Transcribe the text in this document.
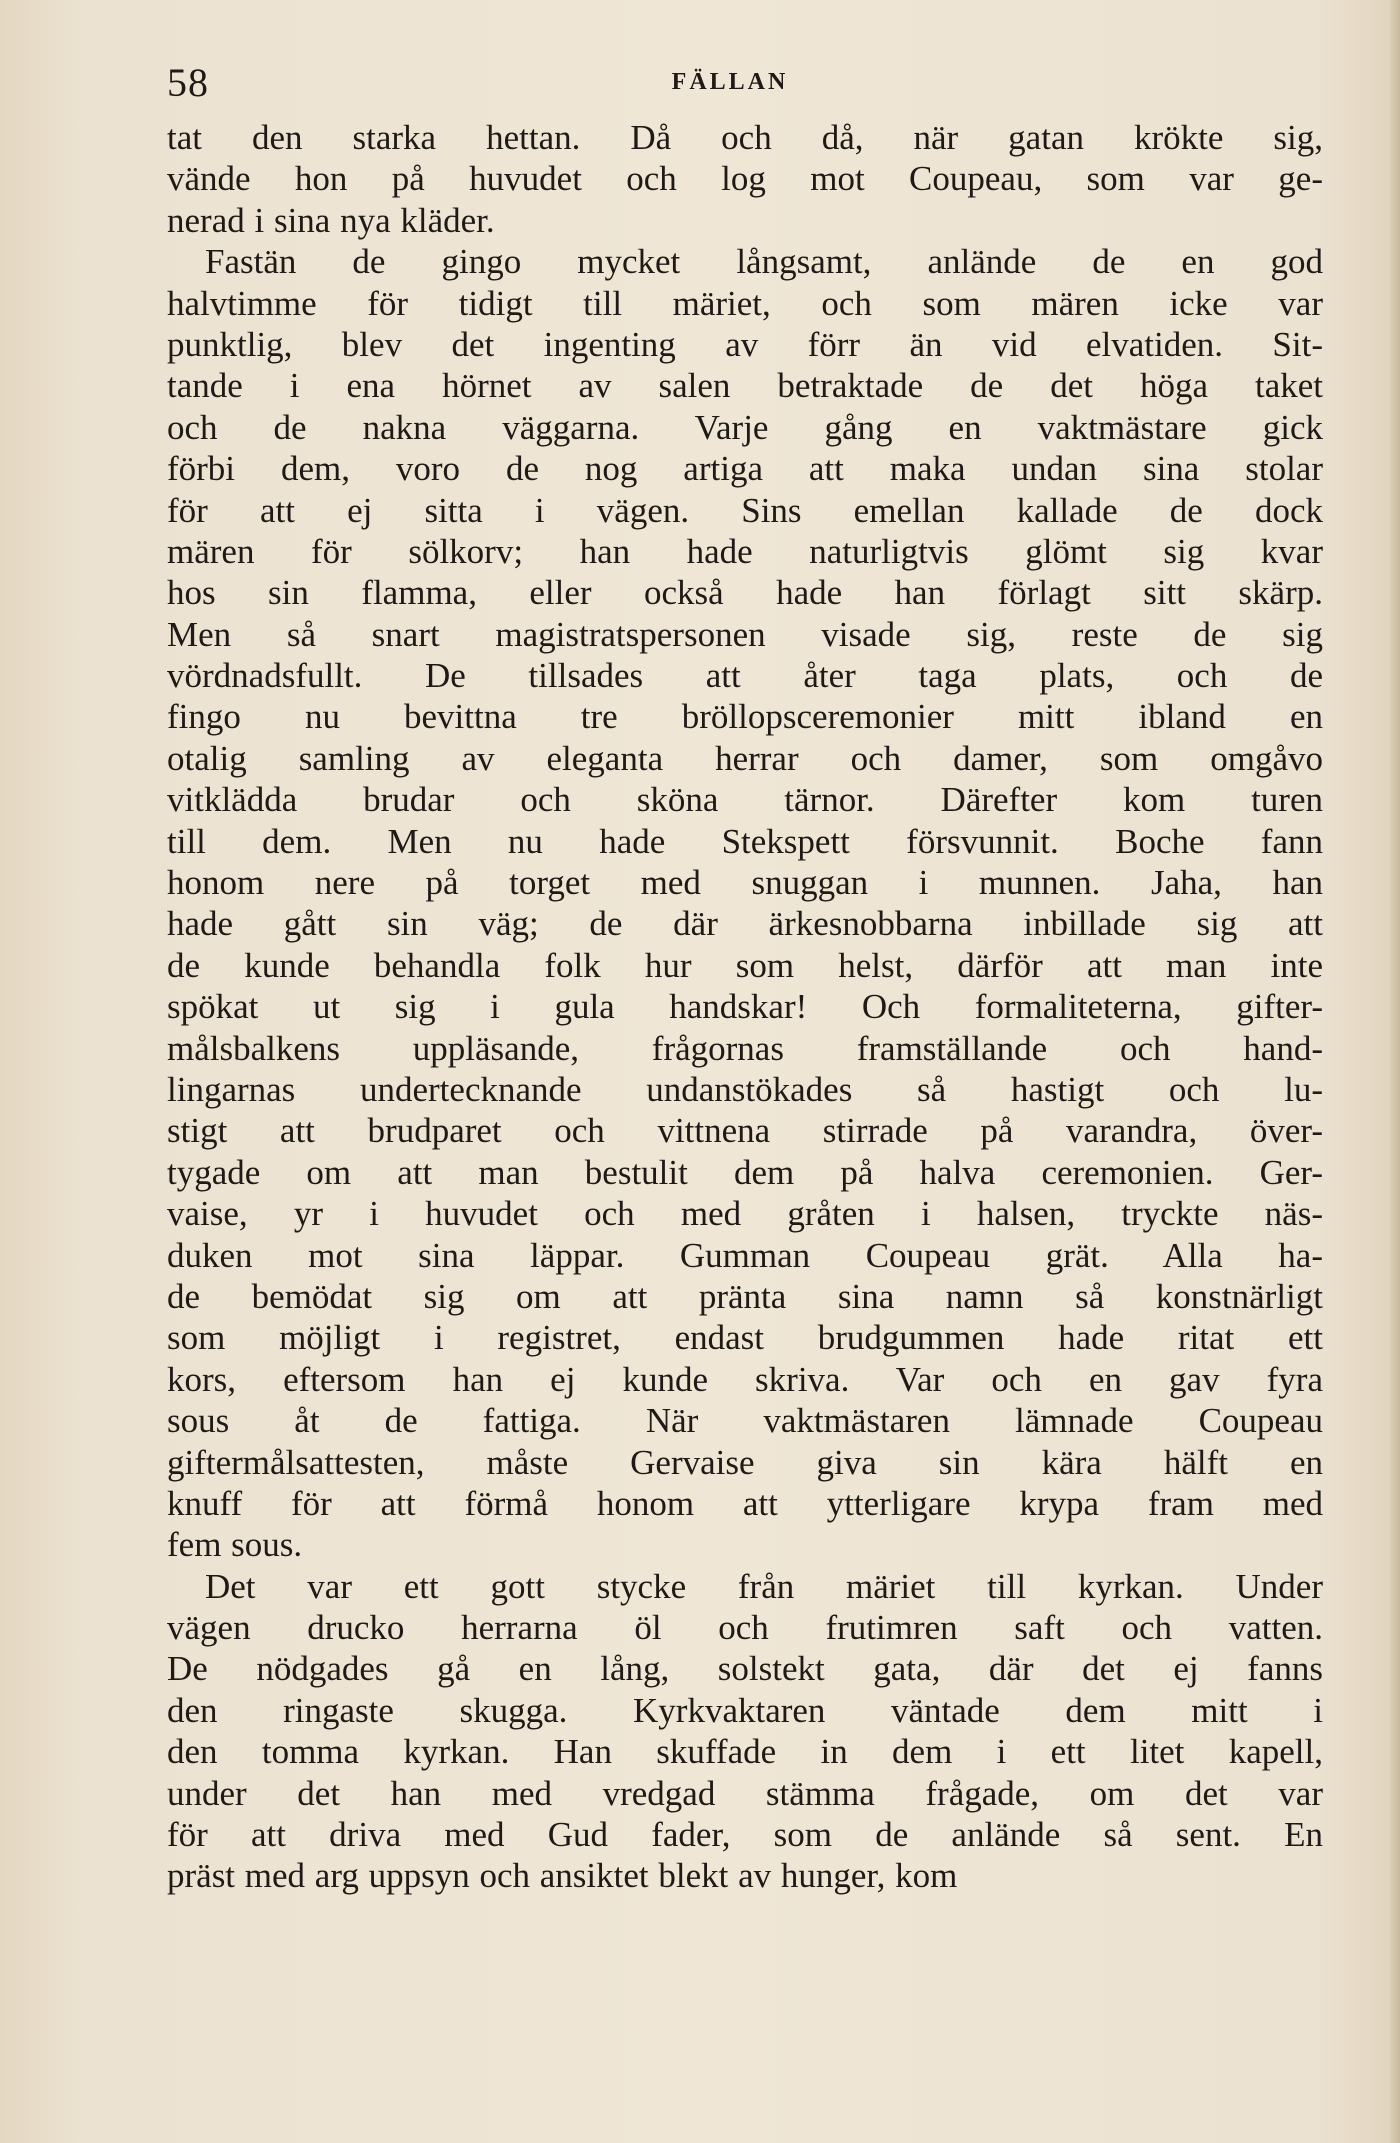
58	FÄLLAN
tat den starka hettan. Då och då, när gatan krökte sig,
vände hon på huvudet och log mot Coupeau, som var ge-
nerad i sina nya kläder.
Fastän de gingo mycket långsamt, anlände de en god
halvtimme för tidigt till märiet, och som mären icke var
punktlig, blev det ingenting av förr än vid elvatiden. Sit-
tande i ena hörnet av salen betraktade de det höga taket
och de nakna väggarna. Varje gång en vaktmästare gick
förbi dem, voro de nog artiga att maka undan sina stolar
för att ej sitta i vägen. Sins emellan kallade de dock
mären för sölkorv; han hade naturligtvis glömt sig kvar
hos sin flamma, eller också hade han förlagt sitt skärp.
Men så snart magistratspersonen visade sig, reste de sig
vördnadsfullt. De tillsades att åter taga plats, och de
fingo nu bevittna tre bröllopsceremonier mitt ibland en
otalig samling av eleganta herrar och damer, som omgåvo
vitklädda brudar och sköna tärnor. Därefter kom turen
till dem. Men nu hade Stekspett försvunnit. Boche fann
honom nere på torget med snuggan i munnen. Jaha, han
hade gått sin väg; de där ärkesnobbarna inbillade sig att
de kunde behandla folk hur som helst, därför att man inte
spökat ut sig i gula handskar! Och formaliteterna, gifter-
målsbalkens uppläsande, frågornas framställande och hand-
lingarnas undertecknande undanstökades så hastigt och lu-
stigt att brudparet och vittnena stirrade på varandra, över-
tygade om att man bestulit dem på halva ceremonien. Ger-
vaise, yr i huvudet och med gråten i halsen, tryckte näs-
duken mot sina läppar. Gumman Coupeau grät. Alla ha-
de bemödat sig om att pränta sina namn så konstnärligt
som möjligt i registret, endast brudgummen hade ritat ett
kors, eftersom han ej kunde skriva. Var och en gav fyra
sous åt de fattiga. När vaktmästaren lämnade Coupeau
giftermålsattesten, måste Gervaise giva sin kära hälft en
knuff för att förmå honom att ytterligare krypa fram med
fem sous.
Det var ett gott stycke från märiet till kyrkan. Under
vägen drucko herrarna öl och frutimren saft och vatten.
De nödgades gå en lång, solstekt gata, där det ej fanns
den ringaste skugga. Kyrkvaktaren väntade dem mitt i
den tomma kyrkan. Han skuffade in dem i ett litet kapell,
under det han med vredgad stämma frågade, om det var
för att driva med Gud fader, som de anlände så sent. En
präst med arg uppsyn och ansiktet blekt av hunger, kom
